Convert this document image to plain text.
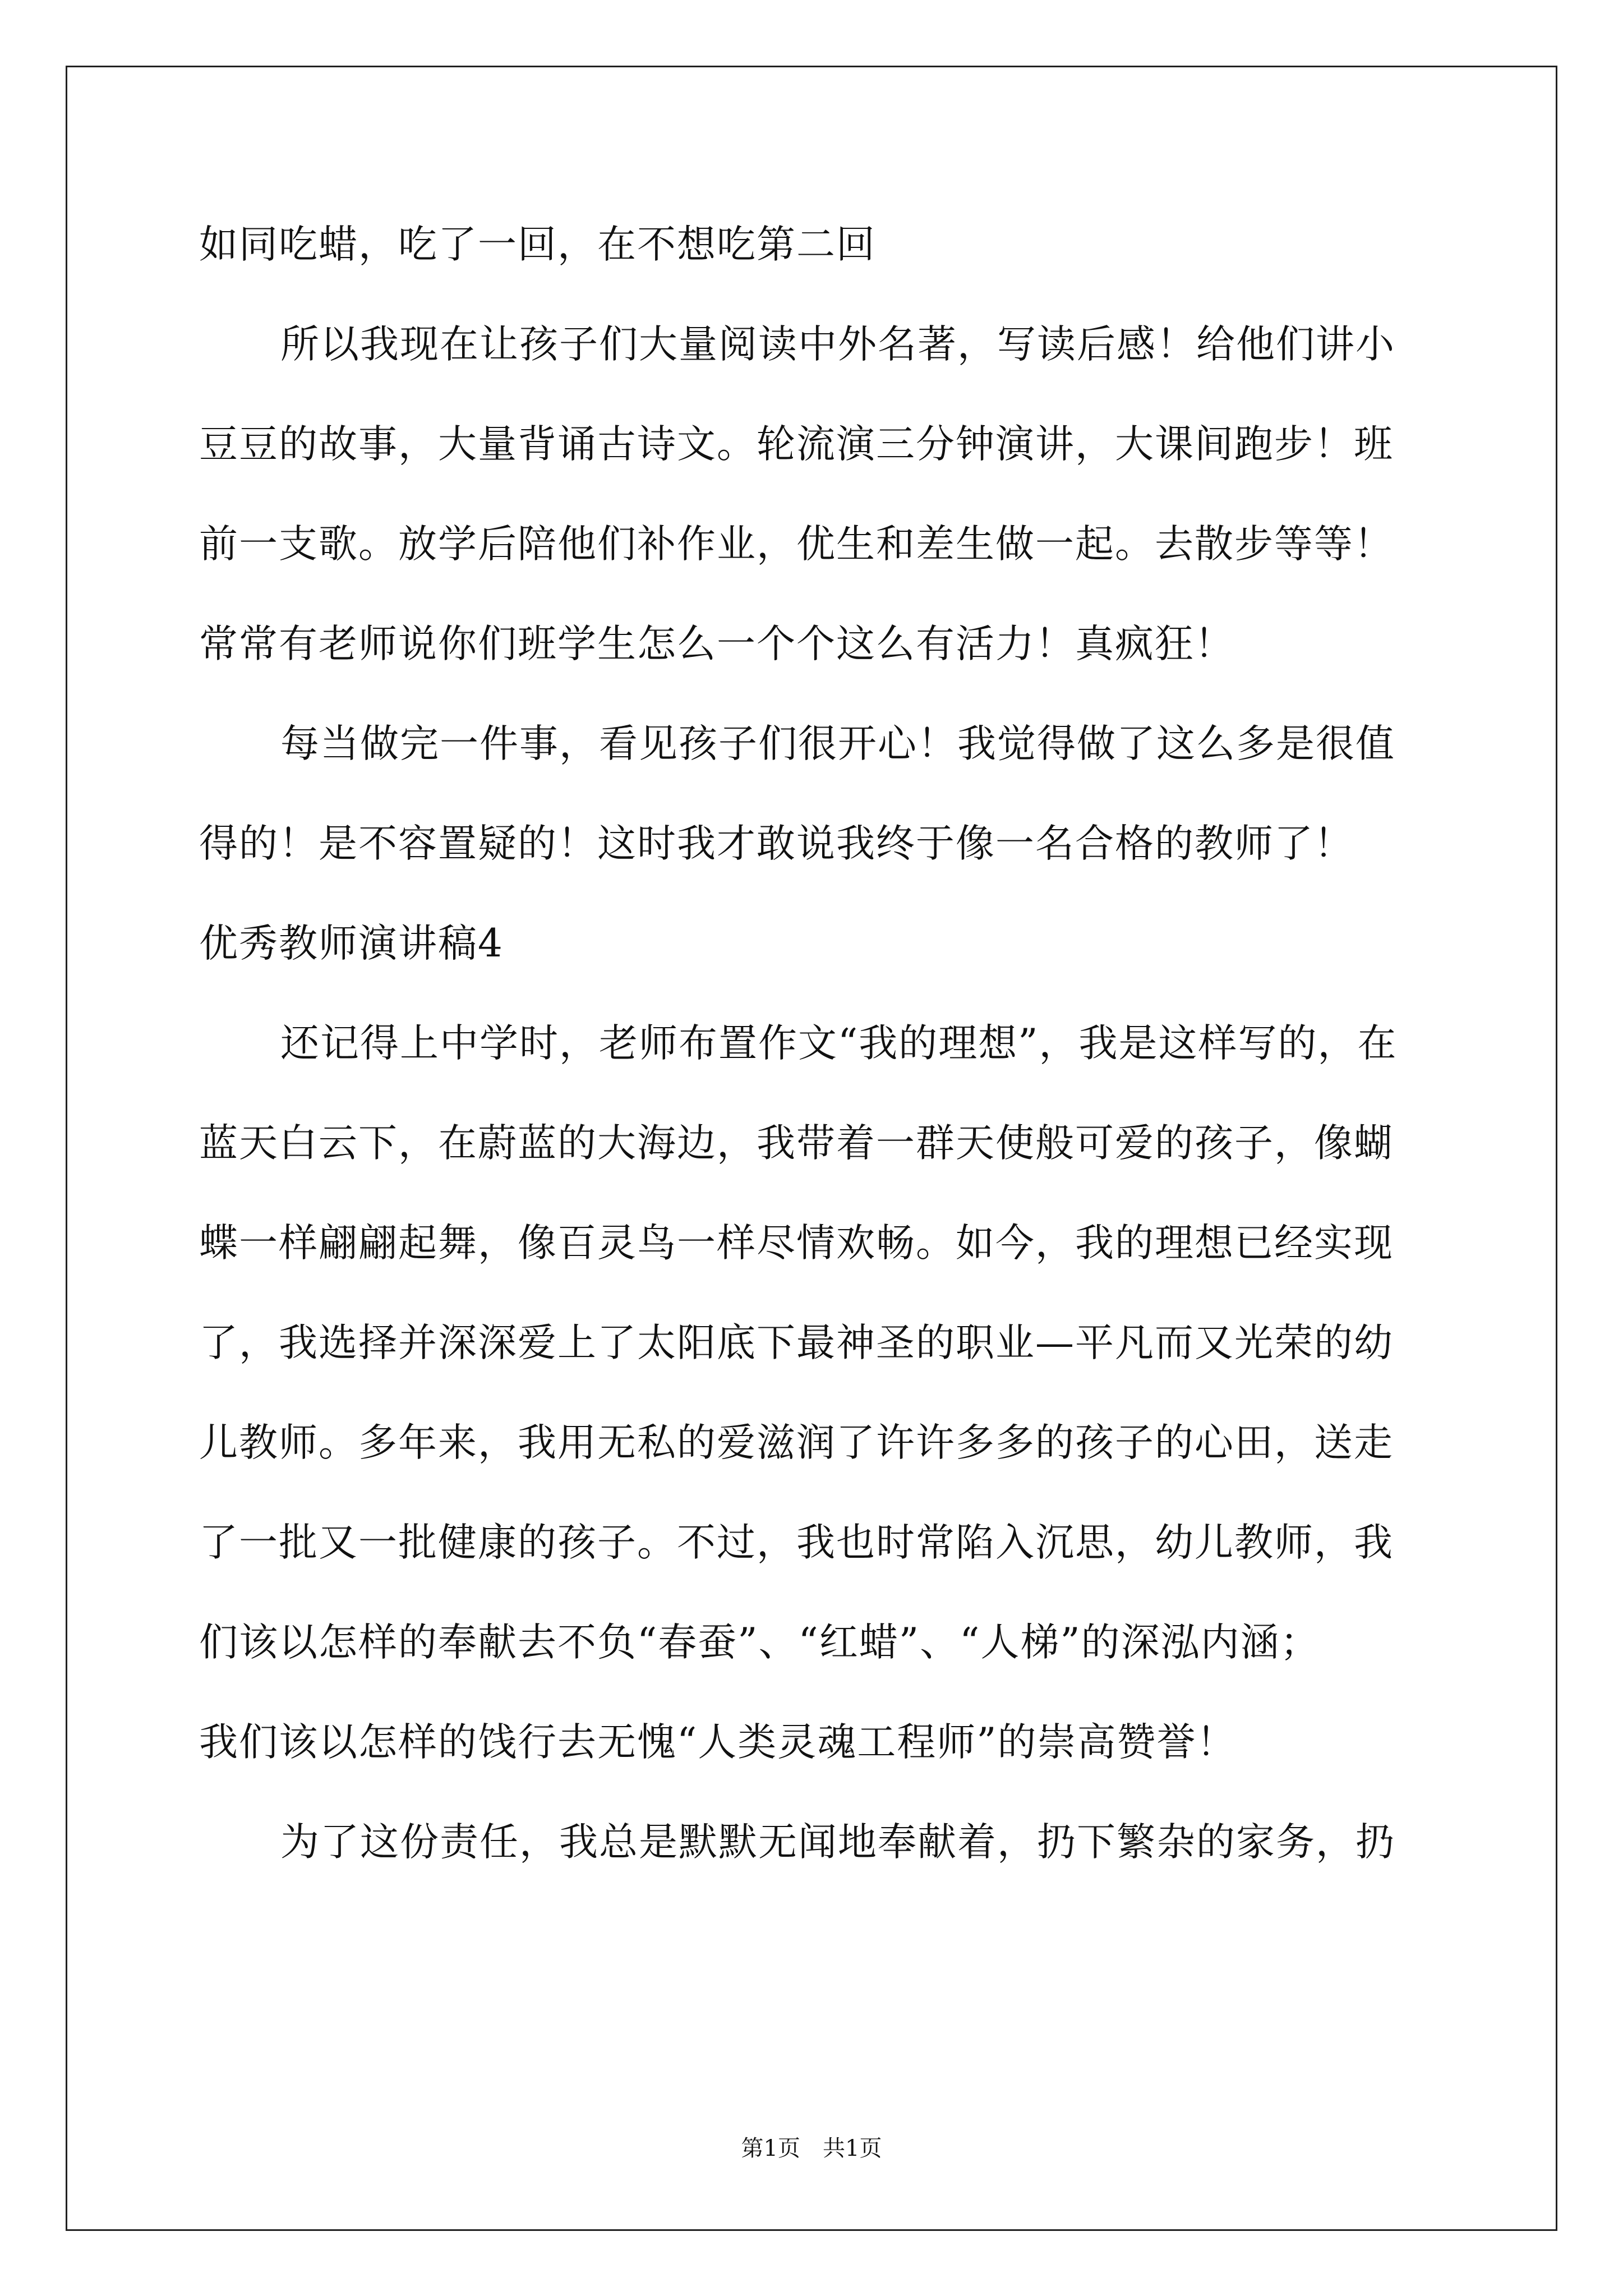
如同吃蜡，吃了一回，在不想吃第二回
所以我现在让孩子们大量阅读中外名著，写读后感！给他们讲小
豆豆的故事，大量背诵古诗文。轮流演三分钟演讲，大课间跑步！班
前一支歌。放学后陪他们补作业，优生和差生做一起。去散步等等！
常常有老师说你们班学生怎么一个个这么有活力！真疯狂！
每当做完一件事，看见孩子们很开心！我觉得做了这么多是很值
得的！是不容置疑的！这时我才敢说我终于像一名合格的教师了！
优秀教师演讲稿4
还记得上中学时，老师布置作文“我的理想”，我是这样写的，在
蓝天白云下，在蔚蓝的大海边，我带着一群天使般可爱的孩子，像蝴
蝶一样翩翩起舞，像百灵鸟一样尽情欢畅。如今，我的理想已经实现
了，我选择并深深爱上了太阳底下最神圣的职业—平凡而又光荣的幼
儿教师。多年来，我用无私的爱滋润了许许多多的孩子的心田，送走
了一批又一批健康的孩子。不过，我也时常陷入沉思，幼儿教师，我
们该以怎样的奉献去不负“春蚕”、“红蜡”、“人梯”的深泓内涵；
我们该以怎样的饯行去无愧“人类灵魂工程师”的崇高赞誉！
为了这份责任，我总是默默无闻地奉献着，扔下繁杂的家务，扔
第1页 共1页
